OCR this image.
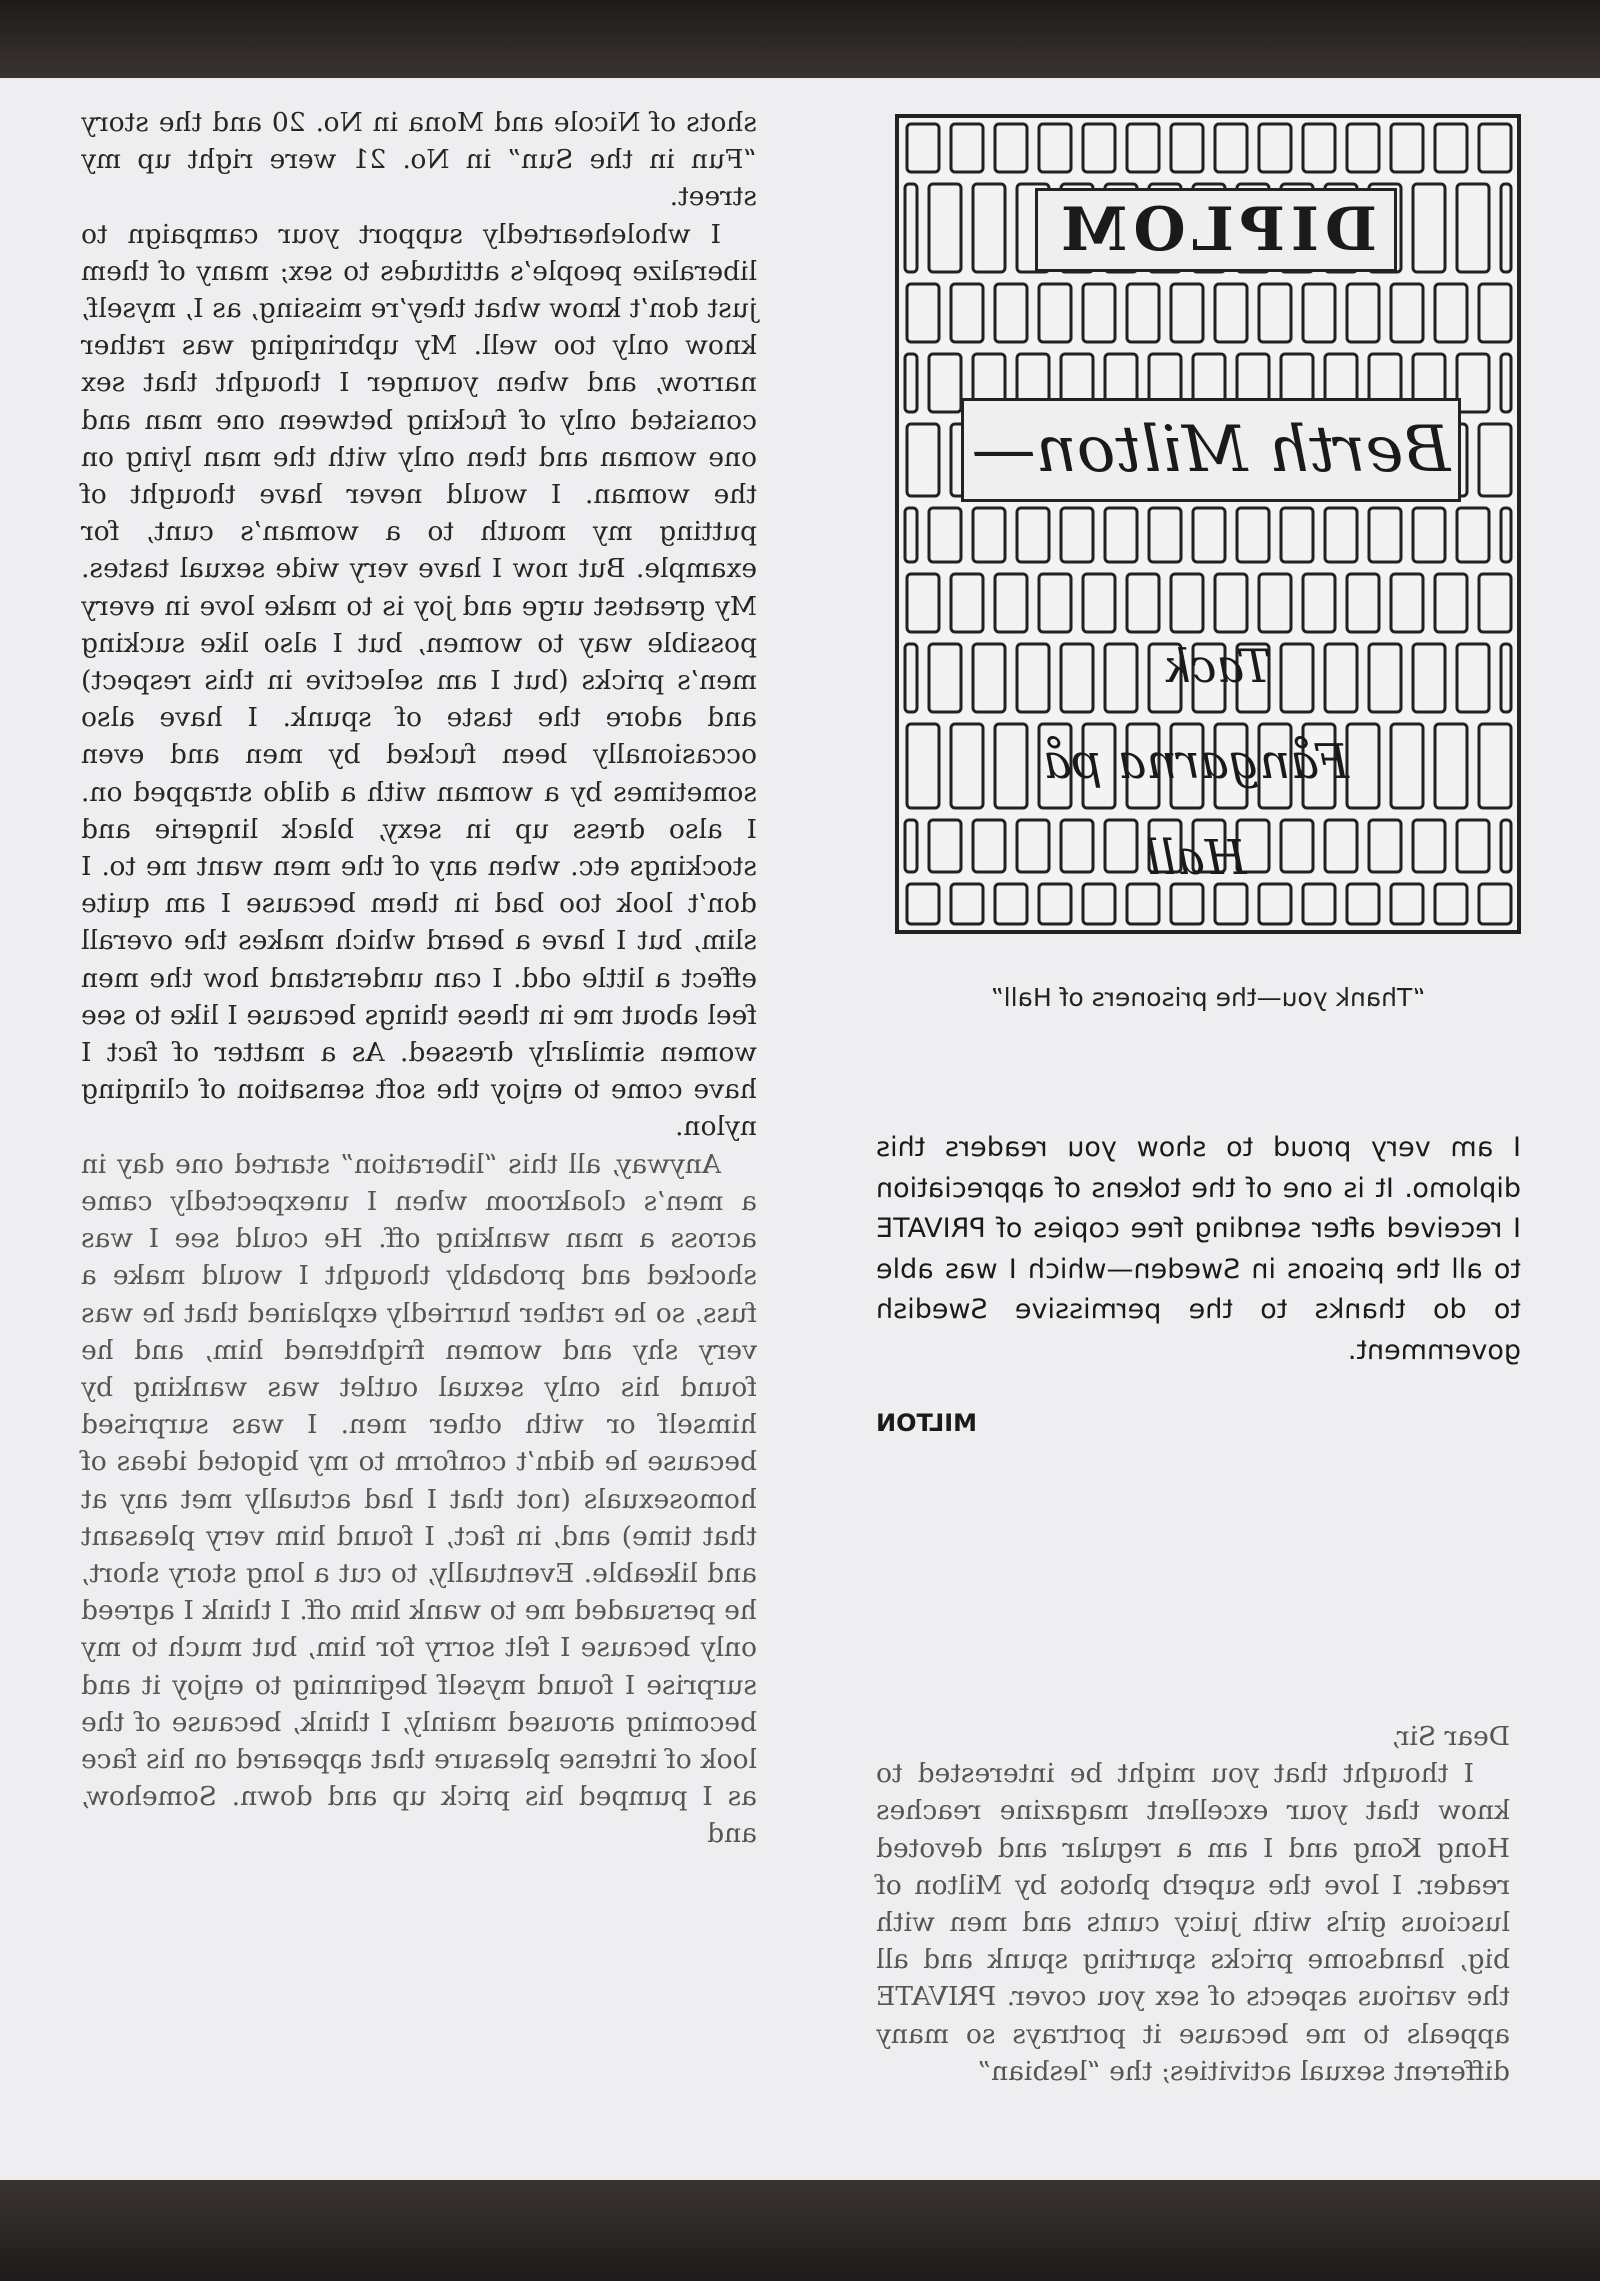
DIPLOM
Berth Milton—
Tack
Fångarna på Hall
“Thank you—the prisoners of Hall”
I am very proud to show you readers this diplomo. It is one of the tokens of appreciation I received after sending free copies of PRIVATE to all the prisons in Sweden—which I was able to do thanks to the permissive Swedish government.
MILTON

shots of Nicole and Mona in No. 20 and the story “Fun in the Sun” in No. 21 were right up my street.

I wholeheartedly support your campaign to liberalize people’s attitudes to sex; many of them just don’t know what they’re missing, as I, myself, know only too well. My upbringing was rather narrow, and when younger I thought that sex consisted only of fucking between one man and one woman and then only with the man lying on the woman. I would never have thought of putting my mouth to a woman’s cunt, for example. But now I have very wide sexual tastes. My greatest urge and joy is to make love in every possible way to women, but I also like sucking men’s pricks (but I am selective in this respect) and adore the taste of spunk. I have also occasionally been fucked by men and even sometimes by a woman with a dildo strapped on. I also dress up in sexy, black lingerie and stockings etc. when any of the men want me to. I don’t look too bad in them because I am quite slim, but I have a beard which makes the overall effect a little odd. I can understand how the men feel about me in these things because I like to see women similarly dressed. As a matter of fact I have come to enjoy the soft sensation of clinging nylon.

Anyway, all this “liberation” started one day in a men’s cloakroom when I unexpectedly came across a man wanking off. He could see I was shocked and probably thought I would make a fuss, so he rather hurriedly explained that he was very shy and women frightened him, and he found his only sexual outlet was wanking by himself or with other men. I was surprised because he didn’t conform to my bigoted ideas of homosexuals (not that I had actually met any at that time) and, in fact, I found him very pleasant and likeable. Eventually, to cut a long story short, he persuaded me to wank him off. I think I agreed only because I felt sorry for him, but much to my surprise I found myself beginning to enjoy it and becoming aroused mainly, I think, because of the look of intense pleasure that appeared on his face as I pumped his prick up and down. Somehow, and

Dear Sir,

I thought that you might be interested to know that your excellent magazine reaches Hong Kong and I am a regular and devoted reader. I love the superb photos by Milton of luscious girls with juicy cunts and men with big, handsome pricks spurting spunk and all the various aspects of sex you cover. PRIVATE appeals to me because it portrays so many different sexual activities; the “lesbian”
